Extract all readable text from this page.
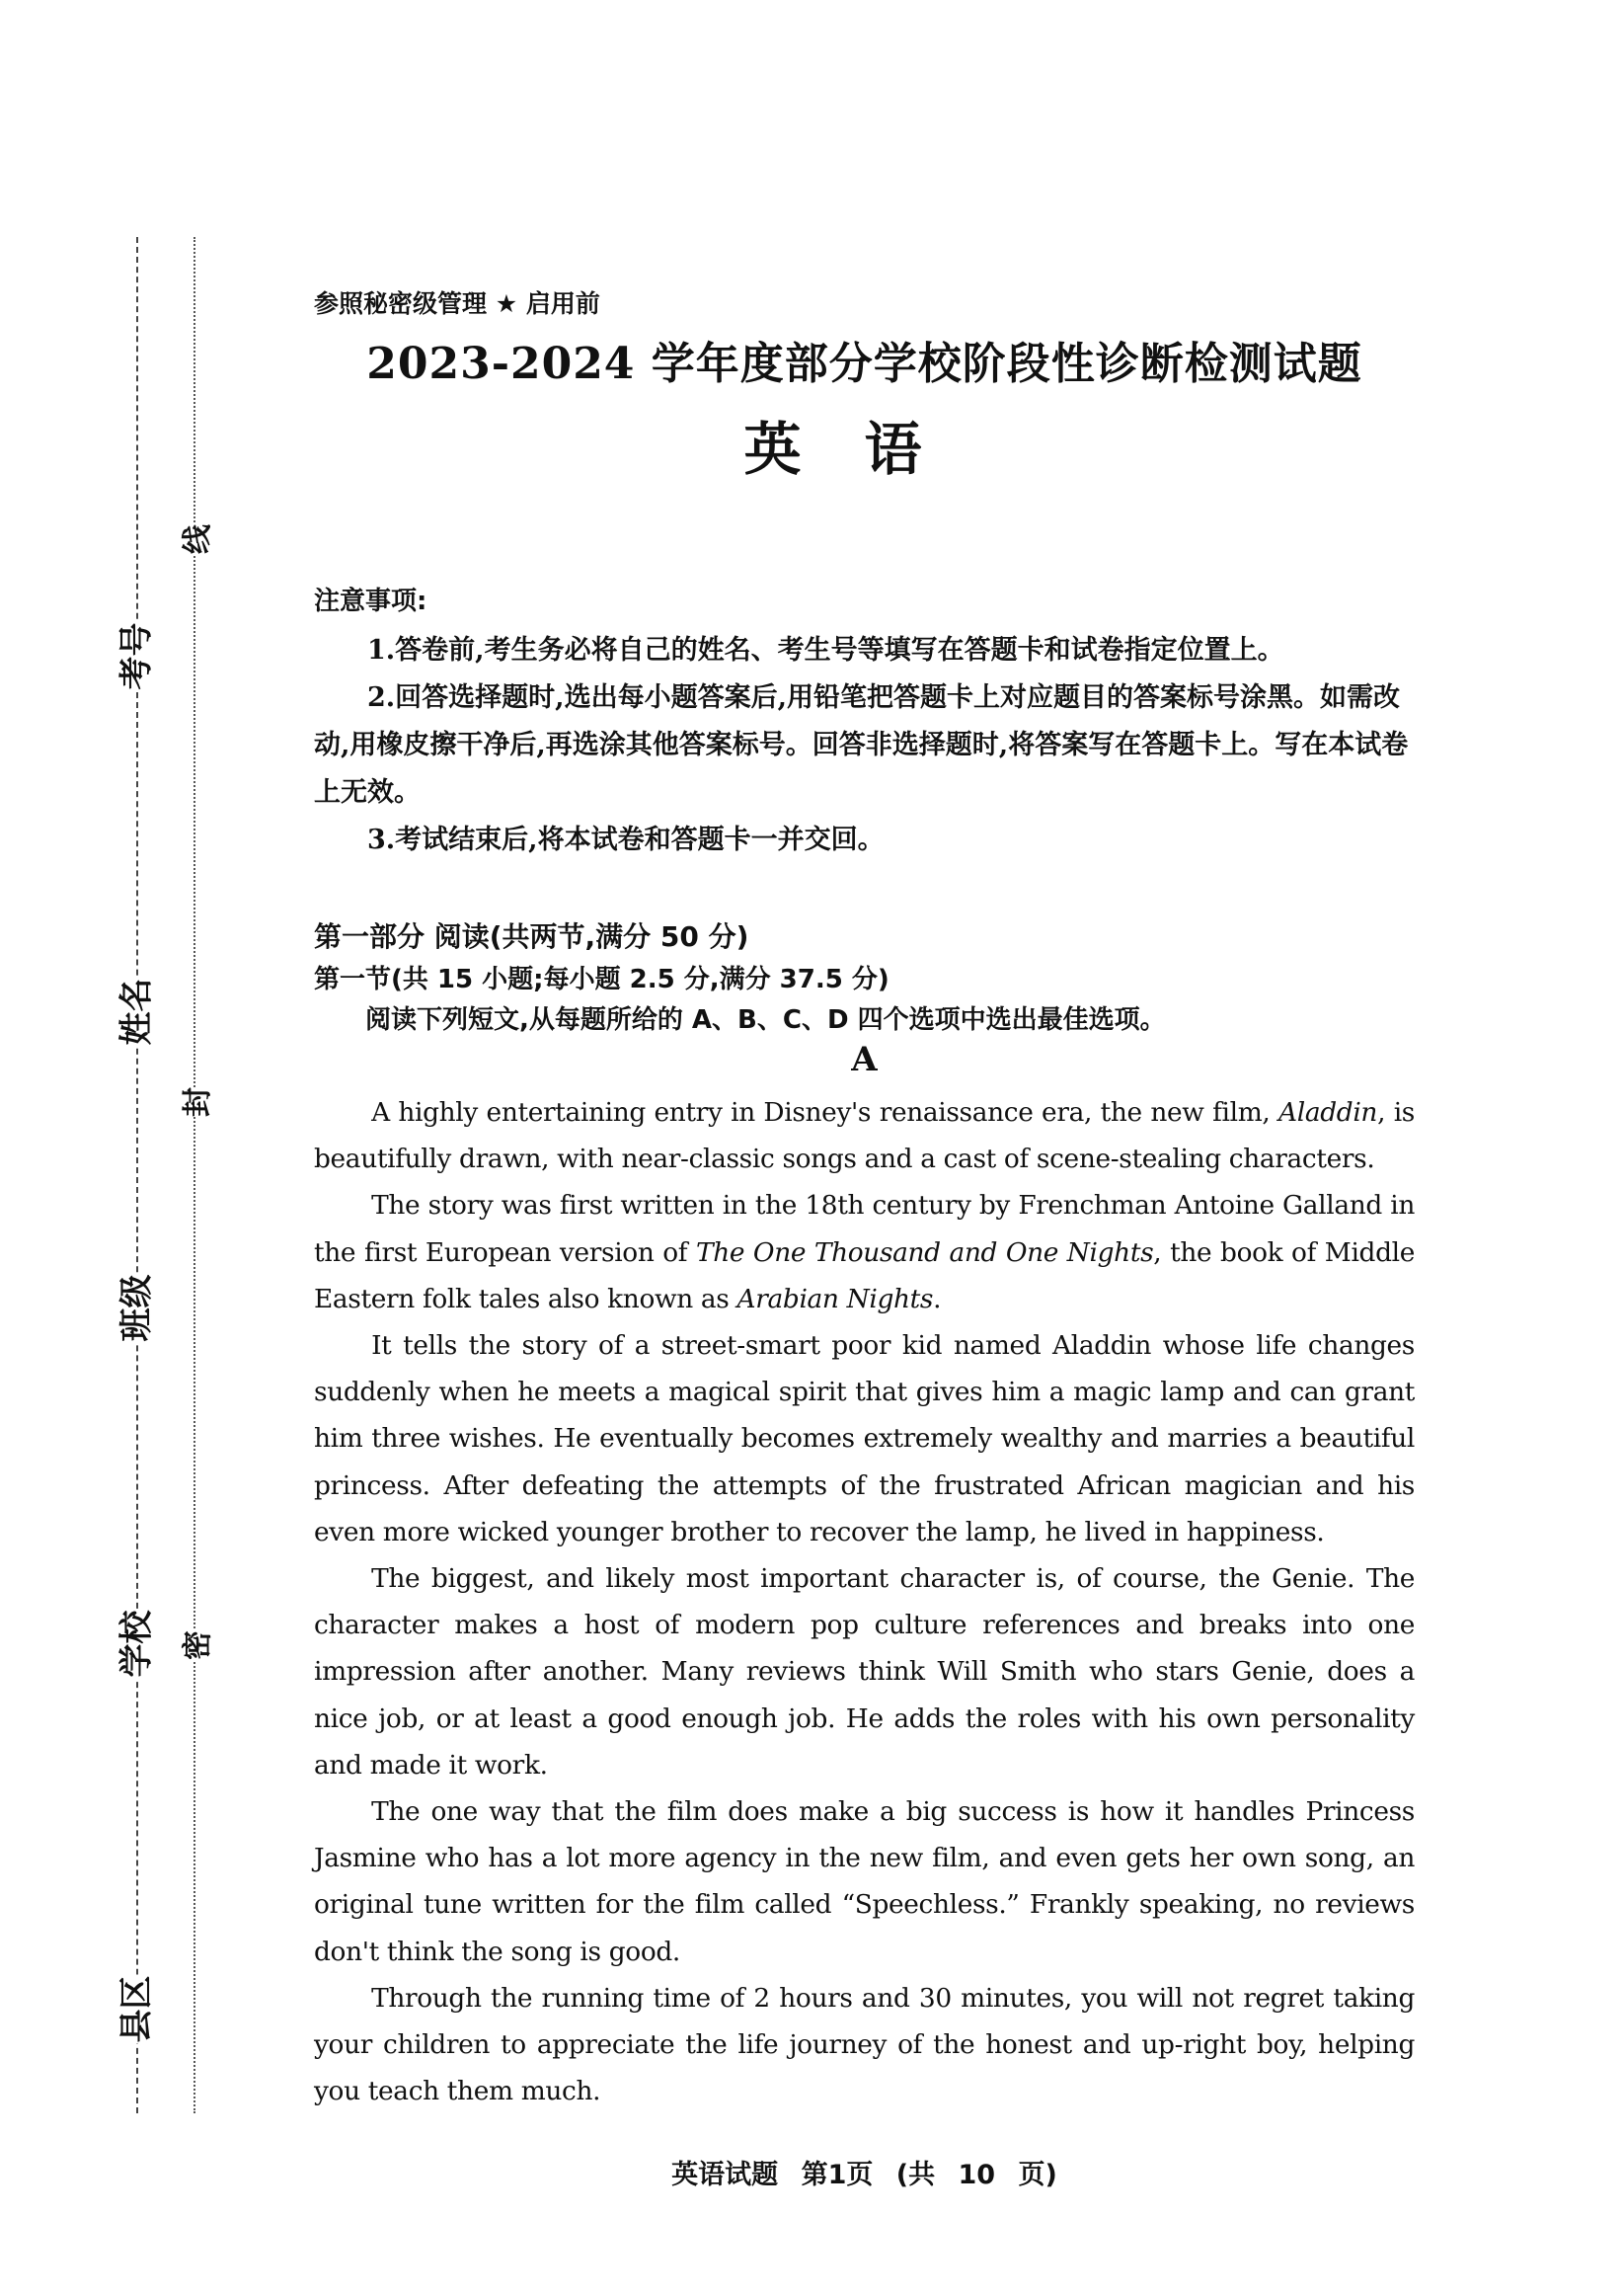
县区
学校
班级
姓名
考号
线
封
密

参照秘密级管理 ★ 启用前

2023-2024 学年度部分学校阶段性诊断检测试题
英语

注意事项:

1.答卷前,考生务必将自己的姓名、考生号等填写在答题卡和试卷指定位置上。

2.回答选择题时,选出每小题答案后,用铅笔把答题卡上对应题目的答案标号涂黑。如需改动,用橡皮擦干净后,再选涂其他答案标号。回答非选择题时,将答案写在答题卡上。写在本试卷上无效。

3.考试结束后,将本试卷和答题卡一并交回。

第一部分 阅读(共两节,满分 50 分)

第一节(共 15 小题;每小题 2.5 分,满分 37.5 分)

阅读下列短文,从每题所给的 A、B、C、D 四个选项中选出最佳选项。

A

A highly entertaining entry in Disney's renaissance era, the new film, Aladdin, is beautifully drawn, with near-classic songs and a cast of scene-stealing characters.

The story was first written in the 18th century by Frenchman Antoine Galland in the first European version of The One Thousand and One Nights, the book of Middle Eastern folk tales also known as Arabian Nights.

It tells the story of a street-smart poor kid named Aladdin whose life changes suddenly when he meets a magical spirit that gives him a magic lamp and can grant him three wishes. He eventually becomes extremely wealthy and marries a beautiful princess. After defeating the attempts of the frustrated African magician and his even more wicked younger brother to recover the lamp, he lived in happiness.

The biggest, and likely most important character is, of course, the Genie. The character makes a host of modern pop culture references and breaks into one impression after another. Many reviews think Will Smith who stars Genie, does a nice job, or at least a good enough job. He adds the roles with his own personality and made it work.

The one way that the film does make a big success is how it handles Princess Jasmine who has a lot more agency in the new film, and even gets her own song, an original tune written for the film called “Speechless.” Frankly speaking, no reviews don't think the song is good.

Through the running time of 2 hours and 30 minutes, you will not regret taking your children to appreciate the life journey of the honest and up-right boy, helping you teach them much.

英语试题 第1页 (共 10 页)
